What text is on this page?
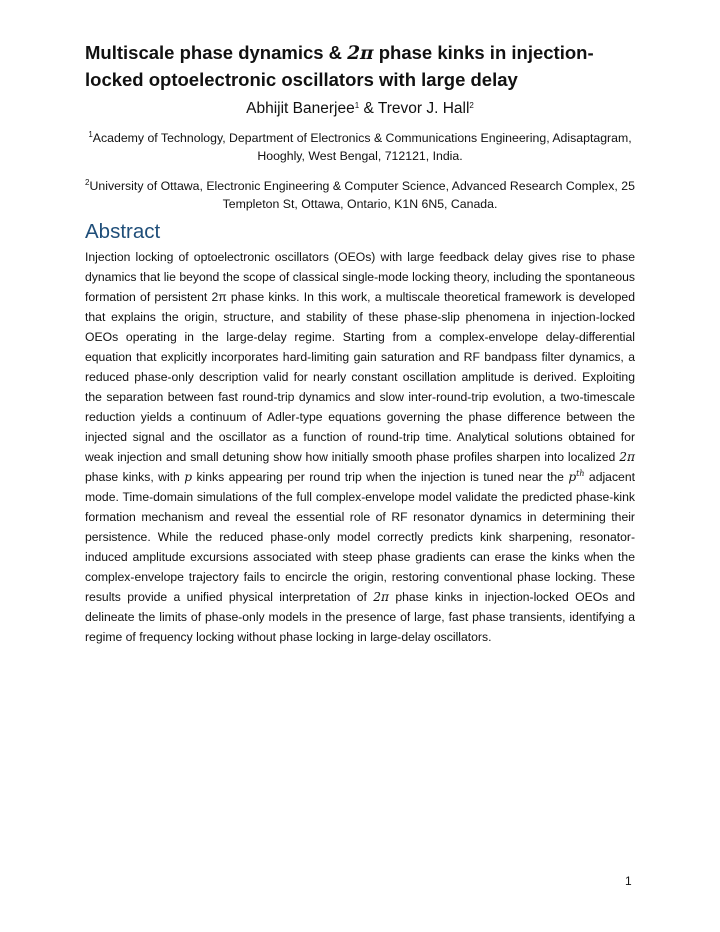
Multiscale phase dynamics & 2π phase kinks in injection-locked optoelectronic oscillators with large delay
Abhijit Banerjee$^1$ & Trevor J. Hall$^2$
$^1$Academy of Technology, Department of Electronics & Communications Engineering, Adisaptagram, Hooghly, West Bengal, 712121, India.
$^2$University of Ottawa, Electronic Engineering & Computer Science, Advanced Research Complex, 25 Templeton St, Ottawa, Ontario, K1N 6N5, Canada.
Abstract

Injection locking of optoelectronic oscillators (OEOs) with large feedback delay gives rise to phase dynamics that lie beyond the scope of classical single-mode locking theory, including the spontaneous formation of persistent 2π phase kinks. In this work, a multiscale theoretical framework is developed that explains the origin, structure, and stability of these phase-slip phenomena in injection-locked OEOs operating in the large-delay regime. Starting from a complex-envelope delay-differential equation that explicitly incorporates hard-limiting gain saturation and RF bandpass filter dynamics, a reduced phase-only description valid for nearly constant oscillation amplitude is derived. Exploiting the separation between fast round-trip dynamics and slow inter-round-trip evolution, a two-timescale reduction yields a continuum of Adler-type equations governing the phase difference between the injected signal and the oscillator as a function of round-trip time. Analytical solutions obtained for weak injection and small detuning show how initially smooth phase profiles sharpen into localized 2π phase kinks, with p kinks appearing per round trip when the injection is tuned near the $p^{th}$ adjacent mode. Time-domain simulations of the full complex-envelope model validate the predicted phase-kink formation mechanism and reveal the essential role of RF resonator dynamics in determining their persistence. While the reduced phase-only model correctly predicts kink sharpening, resonator-induced amplitude excursions associated with steep phase gradients can erase the kinks when the complex-envelope trajectory fails to encircle the origin, restoring conventional phase locking. These results provide a unified physical interpretation of 2π phase kinks in injection-locked OEOs and delineate the limits of phase-only models in the presence of large, fast phase transients, identifying a regime of frequency locking without phase locking in large-delay oscillators.

1
